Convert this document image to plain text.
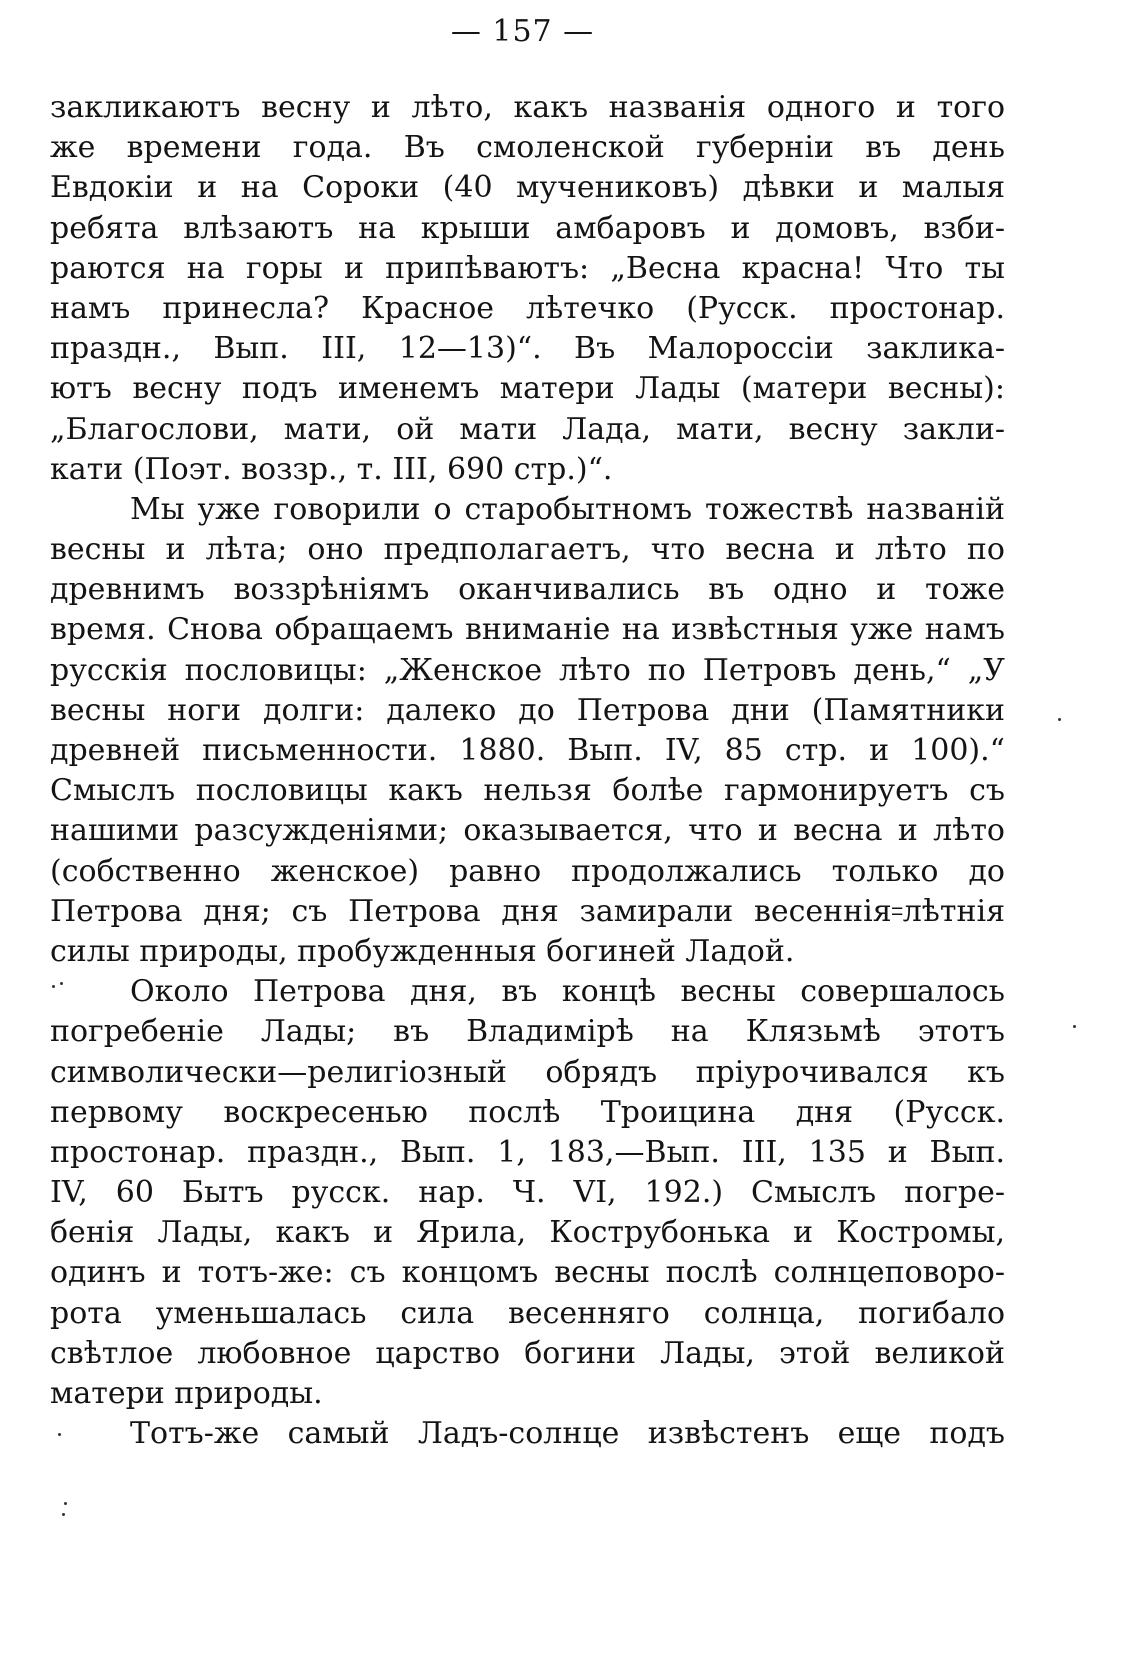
— 157 —
закликаютъ весну и лѣто, какъ названія одного и того
же времени года. Въ смоленской губерніи въ день
Евдокіи и на Сороки (40 мучениковъ) дѣвки и малыя
ребята влѣзаютъ на крыши амбаровъ и домовъ, взби-
раются на горы и припѣваютъ: „Весна красна! Что ты
намъ принесла? Красное лѣтечко (Русск. простонар.
праздн., Вып. III, 12—13)“. Въ Малороссіи заклика-
ютъ весну подъ именемъ матери Лады (матери весны):
„Благослови, мати, ой мати Лада, мати, весну закли-
кати (Поэт. воззр., т. III, 690 стр.)“.
Мы уже говорили о старобытномъ тожествѣ названій
весны и лѣта; оно предполагаетъ, что весна и лѣто по
древнимъ воззрѣніямъ оканчивались въ одно и тоже
время. Снова обращаемъ вниманіе на извѣстныя уже намъ
русскія пословицы: „Женское лѣто по Петровъ день,“ „У
весны ноги долги: далеко до Петрова дни (Памятники
древней письменности. 1880. Вып. IV, 85 стр. и 100).“
Смыслъ пословицы какъ нельзя болѣе гармонируетъ съ
нашими разсужденіями; оказывается, что и весна и лѣто
(собственно женское) равно продолжались только до
Петрова дня; съ Петрова дня замирали весеннія꞊лѣтнія
силы природы, пробужденныя богиней Ладой.
Около Петрова дня, въ концѣ весны совершалось
погребеніе Лады; въ Владимірѣ на Клязьмѣ этотъ
символически—религіозный обрядъ пріурочивался къ
первому воскресенью послѣ Троицина дня (Русск.
простонар. праздн., Вып. 1, 183,—Вып. III, 135 и Вып.
IV, 60 Бытъ русск. нар. Ч. VI, 192.) Смыслъ погре-
бенія Лады, какъ и Ярила, Кострубонька и Костромы,
одинъ и тотъ-же: съ концомъ весны послѣ солнцеповоро-
рота уменьшалась сила весенняго солнца, погибало
свѣтлое любовное царство богини Лады, этой великой
матери природы.
Тотъ-же самый Ладъ-солнце извѣстенъ еще подъ
